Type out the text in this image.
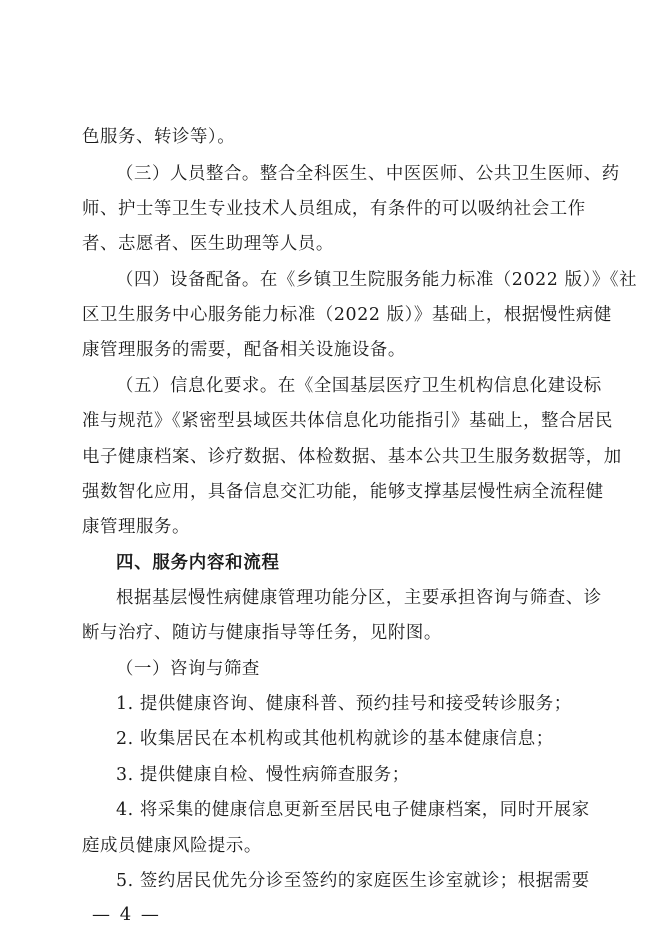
色服务、转诊等）。
（三）人员整合。整合全科医生、中医医师、公共卫生医师、药
师、护士等卫生专业技术人员组成，有条件的可以吸纳社会工作
者、志愿者、医生助理等人员。
（四）设备配备。在《乡镇卫生院服务能力标准（2022 版）》《社
区卫生服务中心服务能力标准（2022 版）》基础上，根据慢性病健
康管理服务的需要，配备相关设施设备。
（五）信息化要求。在《全国基层医疗卫生机构信息化建设标
准与规范》《紧密型县域医共体信息化功能指引》基础上，整合居民
电子健康档案、诊疗数据、体检数据、基本公共卫生服务数据等，加
强数智化应用，具备信息交汇功能，能够支撑基层慢性病全流程健
康管理服务。
四、服务内容和流程
根据基层慢性病健康管理功能分区，主要承担咨询与筛查、诊
断与治疗、随访与健康指导等任务，见附图。
（一）咨询与筛查
1. 提供健康咨询、健康科普、预约挂号和接受转诊服务；
2. 收集居民在本机构或其他机构就诊的基本健康信息；
3. 提供健康自检、慢性病筛查服务；
4. 将采集的健康信息更新至居民电子健康档案，同时开展家
庭成员健康风险提示。
5. 签约居民优先分诊至签约的家庭医生诊室就诊；根据需要
— 4 —
